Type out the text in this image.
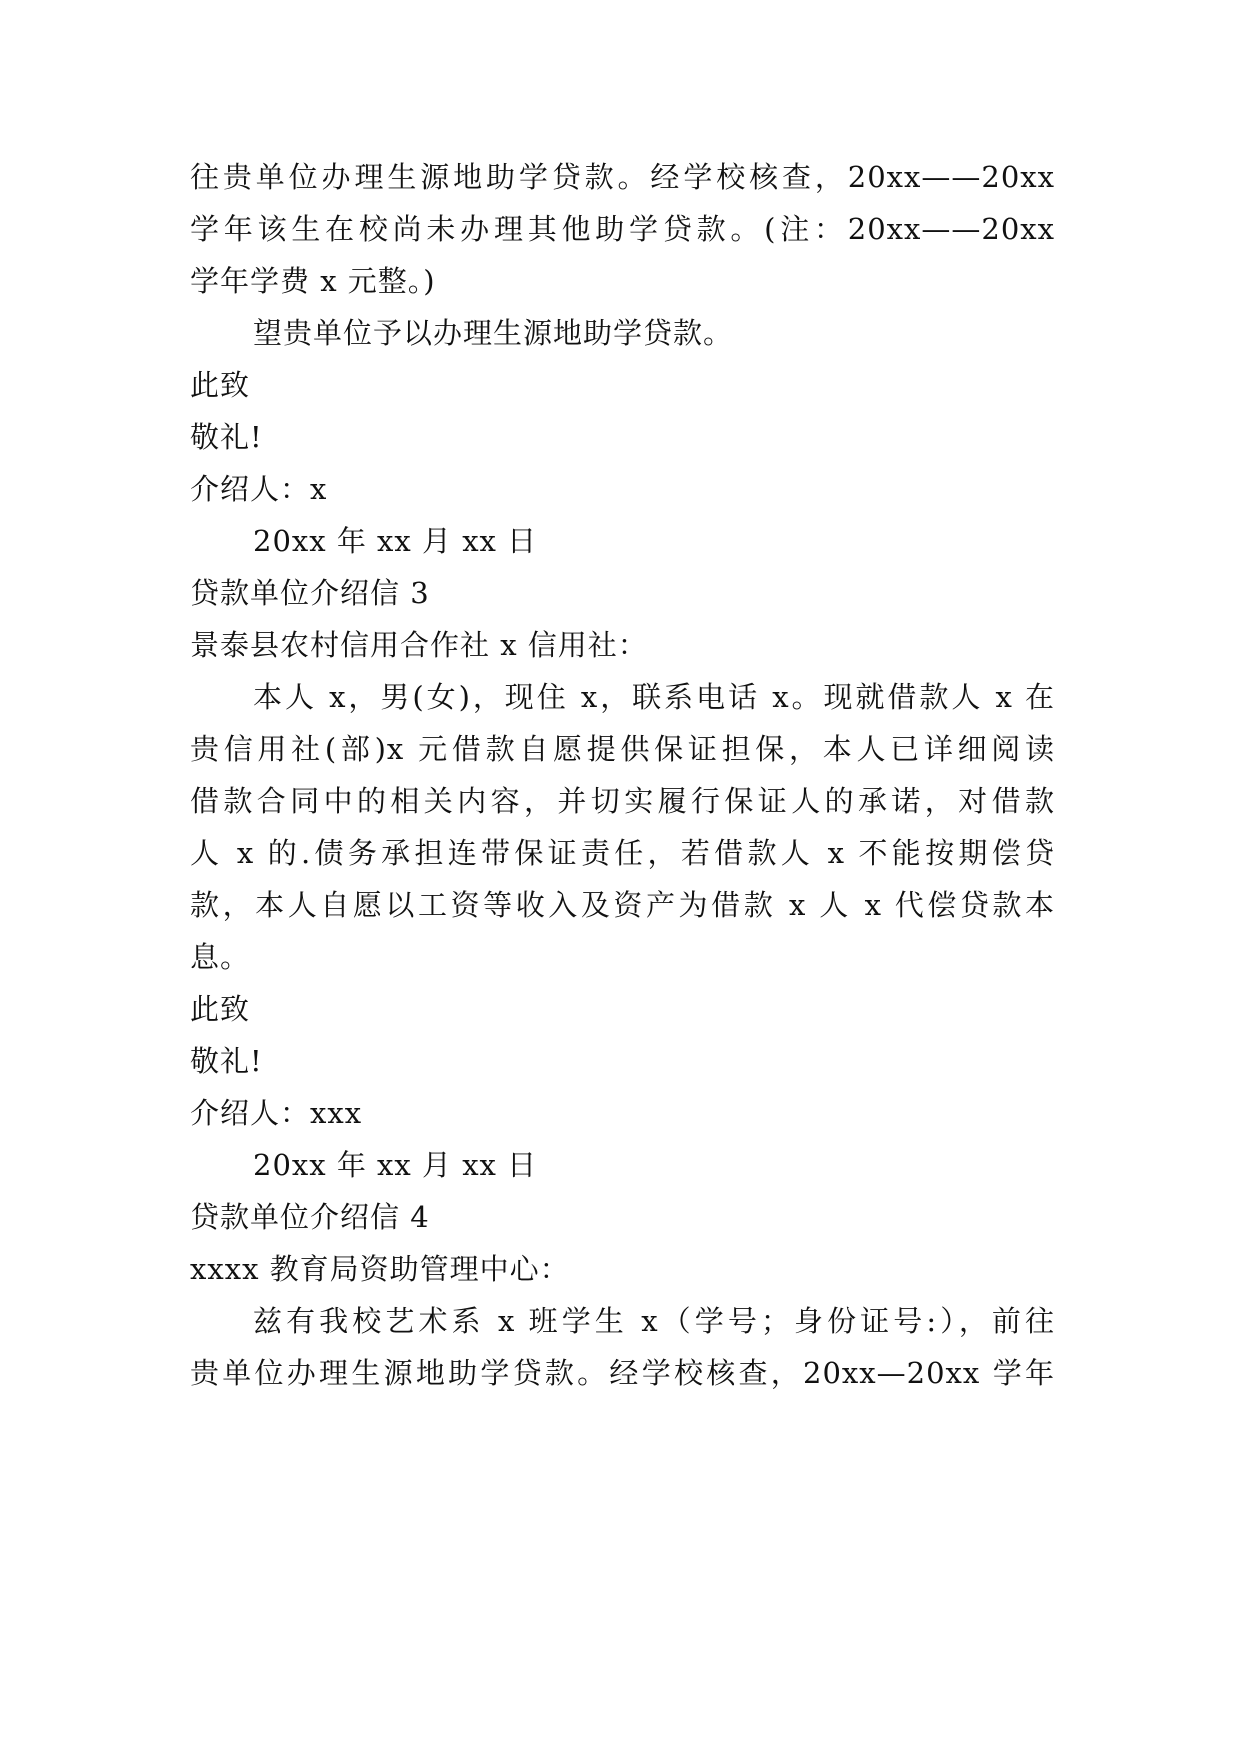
往贵单位办理生源地助学贷款。经学校核查，20xx——20xx
学年该生在校尚未办理其他助学贷款。(注：20xx——20xx
学年学费 x 元整。)
望贵单位予以办理生源地助学贷款。
此致
敬礼!
介绍人：x
20xx 年 xx 月 xx 日
贷款单位介绍信 3
景泰县农村信用合作社 x 信用社：
本人 x，男(女)，现住 x，联系电话 x。现就借款人 x 在
贵信用社(部)x 元借款自愿提供保证担保，本人已详细阅读
借款合同中的相关内容，并切实履行保证人的承诺，对借款
人 x 的.债务承担连带保证责任，若借款人 x 不能按期偿贷
款，本人自愿以工资等收入及资产为借款 x 人 x 代偿贷款本
息。
此致
敬礼!
介绍人：xxx
20xx 年 xx 月 xx 日
贷款单位介绍信 4
xxxx 教育局资助管理中心：
兹有我校艺术系 x 班学生 x（学号；身份证号:），前往
贵单位办理生源地助学贷款。经学校核查，20xx—20xx 学年
